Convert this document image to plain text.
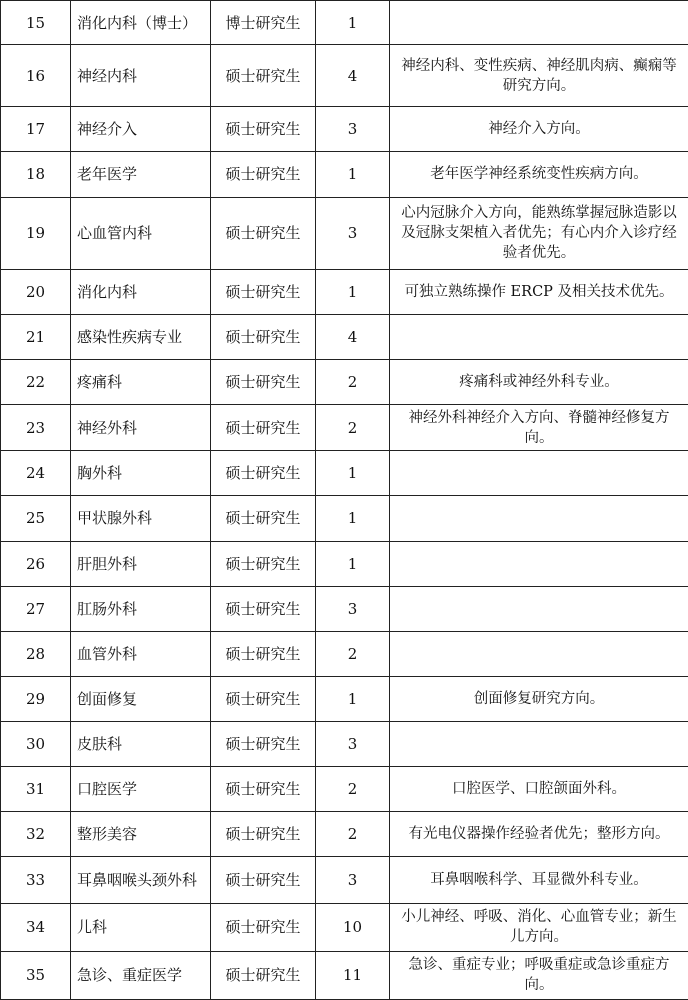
15	消化内科（博士）	博士研究生	1	
16	神经内科	硕士研究生	4	神经内科、变性疾病、神经肌肉病、癫痫等研究方向。
17	神经介入	硕士研究生	3	神经介入方向。
18	老年医学	硕士研究生	1	老年医学神经系统变性疾病方向。
19	心血管内科	硕士研究生	3	心内冠脉介入方向，能熟练掌握冠脉造影以及冠脉支架植入者优先；有心内介入诊疗经验者优先。
20	消化内科	硕士研究生	1	可独立熟练操作 ERCP 及相关技术优先。
21	感染性疾病专业	硕士研究生	4	
22	疼痛科	硕士研究生	2	疼痛科或神经外科专业。
23	神经外科	硕士研究生	2	神经外科神经介入方向、脊髓神经修复方向。
24	胸外科	硕士研究生	1	
25	甲状腺外科	硕士研究生	1	
26	肝胆外科	硕士研究生	1	
27	肛肠外科	硕士研究生	3	
28	血管外科	硕士研究生	2	
29	创面修复	硕士研究生	1	创面修复研究方向。
30	皮肤科	硕士研究生	3	
31	口腔医学	硕士研究生	2	口腔医学、口腔颌面外科。
32	整形美容	硕士研究生	2	有光电仪器操作经验者优先；整形方向。
33	耳鼻咽喉头颈外科	硕士研究生	3	耳鼻咽喉科学、耳显微外科专业。
34	儿科	硕士研究生	10	小儿神经、呼吸、消化、心血管专业；新生儿方向。
35	急诊、重症医学	硕士研究生	11	急诊、重症专业；呼吸重症或急诊重症方向。
